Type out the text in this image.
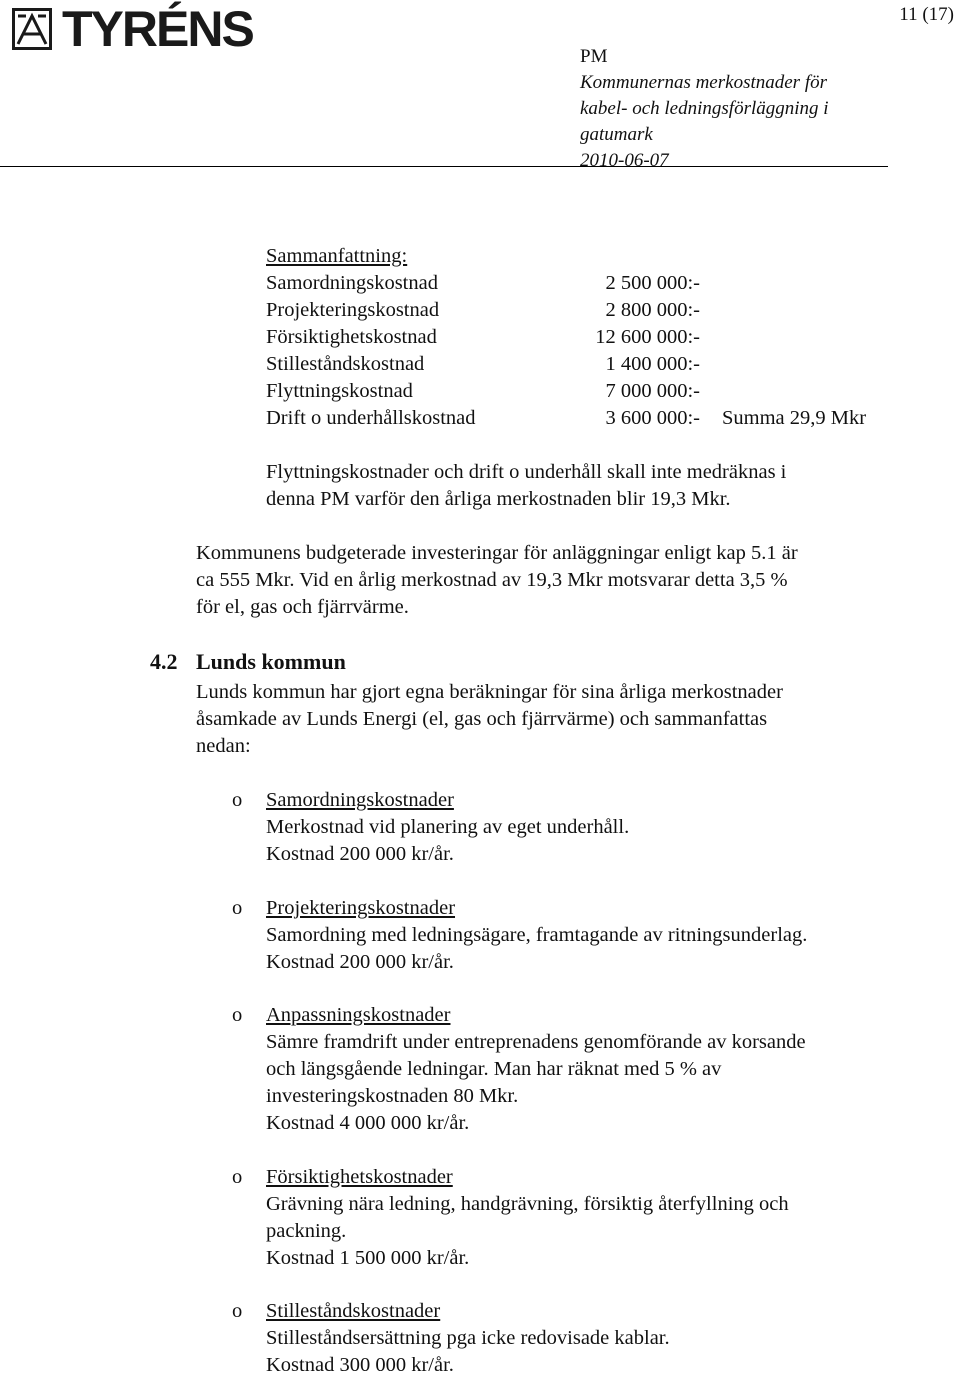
TYRÉNS	11 (17)
PM
Kommunernas merkostnader för
kabel- och ledningsförläggning i
gatumark
2010-06-07
Sammanfattning:
Samordningskostnad	2 500 000:-
Projekteringskostnad	2 800 000:-
Försiktighetskostnad	12 600 000:-
Stilleståndskostnad	1 400 000:-
Flyttningskostnad	7 000 000:-
Drift o underhållskostnad	3 600 000:- Summa 29,9 Mkr
Flyttningskostnader och drift o underhåll skall inte medräknas i
denna PM varför den årliga merkostnaden blir 19,3 Mkr.
Kommunens budgeterade investeringar för anläggningar enligt kap 5.1 är
ca 555 Mkr. Vid en årlig merkostnad av 19,3 Mkr motsvarar detta 3,5 %
för el, gas och fjärrvärme.
4.2 Lunds kommun
Lunds kommun har gjort egna beräkningar för sina årliga merkostnader
åsamkade av Lunds Energi (el, gas och fjärrvärme) och sammanfattas
nedan:
o Samordningskostnader
Merkostnad vid planering av eget underhåll.
Kostnad 200 000 kr/år.
o Projekteringskostnader
Samordning med ledningsägare, framtagande av ritningsunderlag.
Kostnad 200 000 kr/år.
o Anpassningskostnader
Sämre framdrift under entreprenadens genomförande av korsande
och längsgående ledningar. Man har räknat med 5 % av
investeringskostnaden 80 Mkr.
Kostnad 4 000 000 kr/år.
o Försiktighetskostnader
Grävning nära ledning, handgrävning, försiktig återfyllning och
packning.
Kostnad 1 500 000 kr/år.
o Stilleståndskostnader
Stilleståndsersättning pga icke redovisade kablar.
Kostnad 300 000 kr/år.
